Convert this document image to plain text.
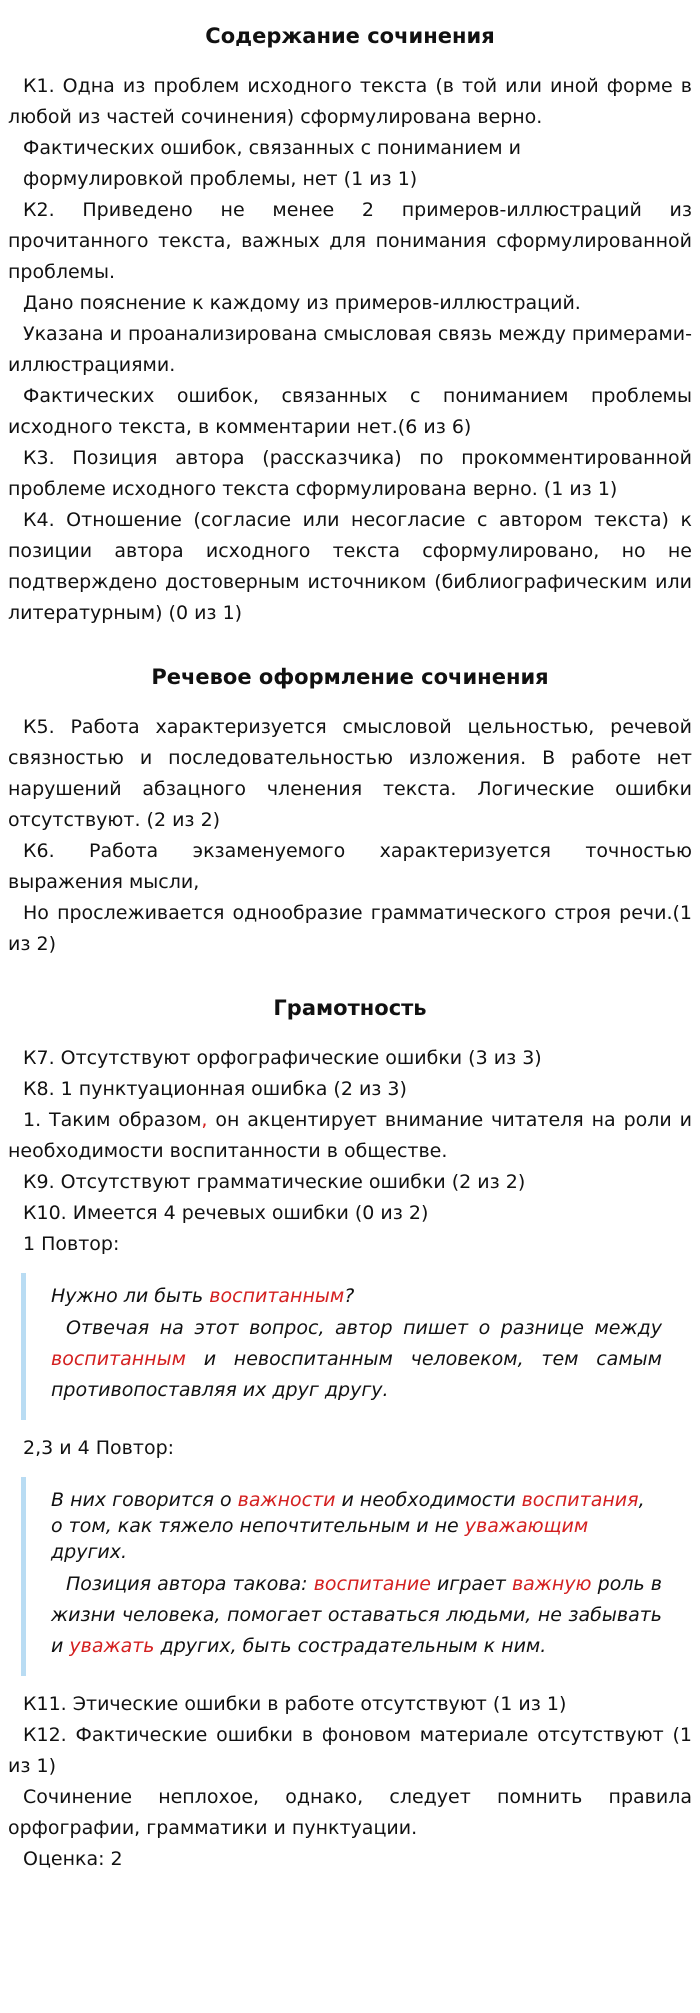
Содержание сочинения

К1. Одна из проблем исходного текста (в той или иной форме в любой из частей сочинения) сформулирована верно.

Фактических ошибок, связанных с пониманием и

формулировкой проблемы, нет (1 из 1)

К2. Приведено не менее 2 примеров-иллюстраций из прочитанного текста, важных для понимания сформулированной проблемы.

Дано пояснение к каждому из примеров-иллюстраций.

Указана и проанализирована смысловая связь между примерами-иллюстрациями.

Фактических ошибок, связанных с пониманием проблемы исходного текста, в комментарии нет.(6 из 6)

К3. Позиция автора (рассказчика) по прокомментированной проблеме исходного текста сформулирована верно. (1 из 1)

К4. Отношение (согласие или несогласие с автором текста) к позиции автора исходного текста сформулировано, но не подтверждено достоверным источником (библиографическим или литературным) (0 из 1)

Речевое оформление сочинения

К5. Работа характеризуется смысловой цельностью, речевой связностью и последовательностью изложения. В работе нет нарушений абзацного членения текста. Логические ошибки отсутствуют. (2 из 2)

К6. Работа экзаменуемого характеризуется точностью выражения мысли,

Но прослеживается однообразие грамматического строя речи.(1 из 2)

Грамотность

К7. Отсутствуют орфографические ошибки (3 из 3)

К8. 1 пунктуационная ошибка (2 из 3)

1. Таким образом, он акцентирует внимание читателя на роли и необходимости воспитанности в обществе.

К9. Отсутствуют грамматические ошибки (2 из 2)

К10. Имеется 4 речевых ошибки (0 из 2)

1 Повтор:

Нужно ли быть воспитанным?
Отвечая на этот вопрос, автор пишет о разнице между воспитанным и невоспитанным человеком, тем самым противопоставляя их друг другу.

2,3 и 4 Повтор:

В них говорится о важности и необходимости воспитания, о том, как тяжело непочтительным и не уважающим других.
Позиция автора такова: воспитание играет важную роль в жизни человека, помогает оставаться людьми, не забывать и уважать других, быть сострадательным к ним.

К11. Этические ошибки в работе отсутствуют (1 из 1)

К12. Фактические ошибки в фоновом материале отсутствуют (1 из 1)

Сочинение неплохое, однако, следует помнить правила орфографии, грамматики и пунктуации.

Оценка: 2
